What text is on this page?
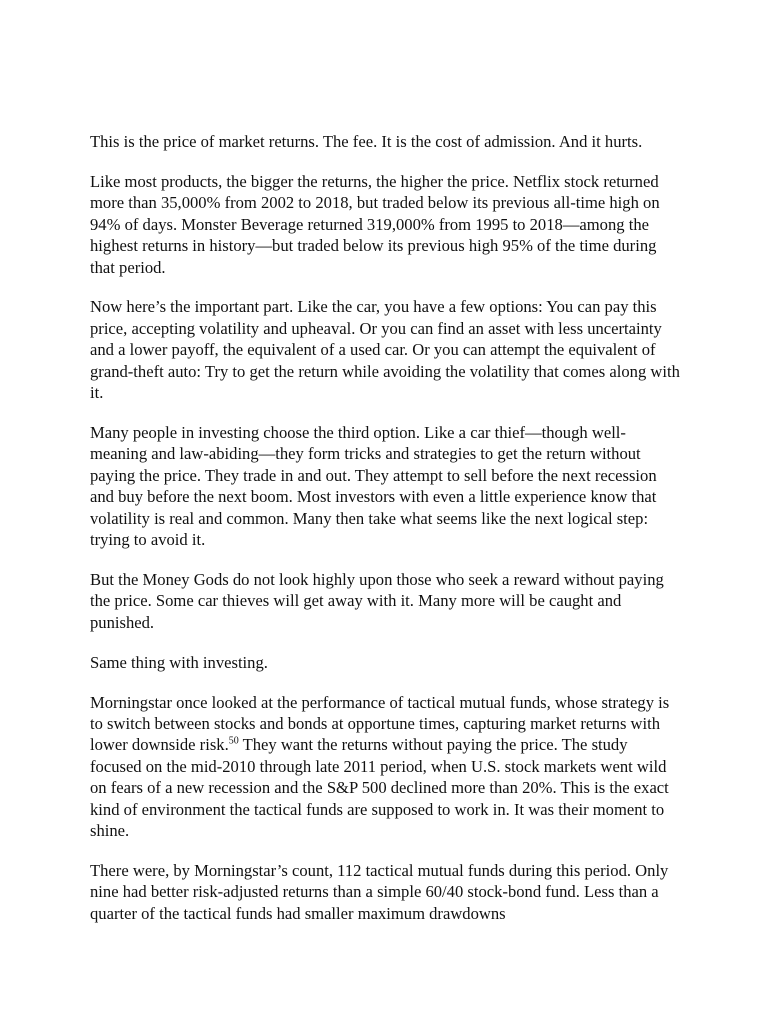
This is the price of market returns. The fee. It is the cost of admission. And it hurts.

Like most products, the bigger the returns, the higher the price. Netflix stock returned more than 35,000% from 2002 to 2018, but traded below its previous all-time high on 94% of days. Monster Beverage returned 319,000% from 1995 to 2018—among the highest returns in history—but traded below its previous high 95% of the time during that period.

Now here’s the important part. Like the car, you have a few options: You can pay this price, accepting volatility and upheaval. Or you can find an asset with less uncertainty and a lower payoff, the equivalent of a used car. Or you can attempt the equivalent of grand-theft auto: Try to get the return while avoiding the volatility that comes along with it.

Many people in investing choose the third option. Like a car thief—though well-meaning and law-abiding—they form tricks and strategies to get the return without paying the price. They trade in and out. They attempt to sell before the next recession and buy before the next boom. Most investors with even a little experience know that volatility is real and common. Many then take what seems like the next logical step: trying to avoid it.

But the Money Gods do not look highly upon those who seek a reward without paying the price. Some car thieves will get away with it. Many more will be caught and punished.

Same thing with investing.

Morningstar once looked at the performance of tactical mutual funds, whose strategy is to switch between stocks and bonds at opportune times, capturing market returns with lower downside risk.$^{50}$ They want the returns without paying the price. The study focused on the mid-2010 through late 2011 period, when U.S. stock markets went wild on fears of a new recession and the S&P 500 declined more than 20%. This is the exact kind of environment the tactical funds are supposed to work in. It was their moment to shine.

There were, by Morningstar’s count, 112 tactical mutual funds during this period. Only nine had better risk-adjusted returns than a simple 60/40 stock-bond fund. Less than a quarter of the tactical funds had smaller maximum drawdowns
